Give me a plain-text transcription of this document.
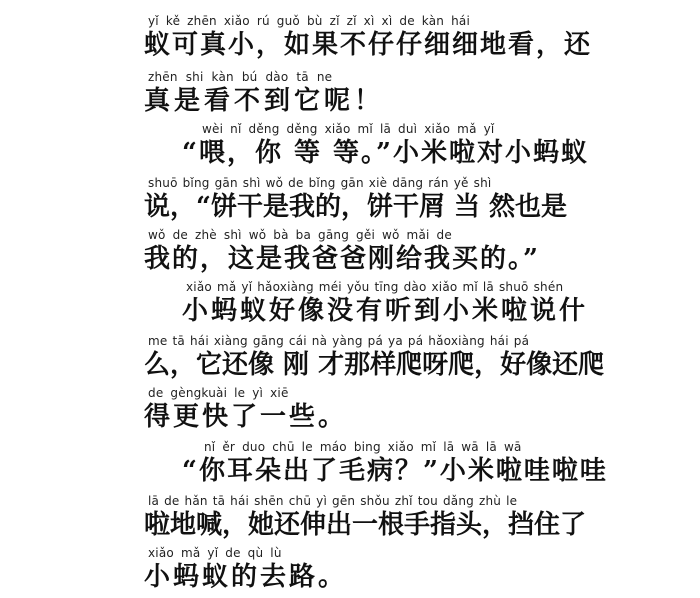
yǐ kě zhēn xiǎo rú guǒ bù zǐ zǐ xì xì de kàn hái
蚁可真小，如果不仔仔细细地看，还
zhēn shi kàn bú dào tā ne
真是看不到它呢！
wèi nǐ děng děng xiǎo mǐ lā duì xiǎo mǎ yǐ
“喂，你 等 等。”小米啦对小蚂蚁
shuō bǐng gān shì wǒ de bǐng gān xiè dāng rán yě shì
说，“饼干是我的，饼干屑 当 然也是
wǒ de zhè shì wǒ bà ba gāng gěi wǒ mǎi de
我的，这是我爸爸刚给我买的。”
xiǎo mǎ yǐ hǎoxiàng méi yǒu tīng dào xiǎo mǐ lā shuō shén
小蚂蚁好像没有听到小米啦说什
me tā hái xiàng gāng cái nà yàng pá ya pá hǎoxiàng hái pá
么，它还像 刚 才那样爬呀爬，好像还爬
de gèngkuài le yì xiē
得更快了一些。
nǐ ěr duo chū le máo bing xiǎo mǐ lā wā lā wā
“你耳朵出了毛病？”小米啦哇啦哇
lā de hǎn tā hái shēn chū yì gēn shǒu zhǐ tou dǎng zhù le
啦地喊，她还伸出一根手指头，挡住了
xiǎo mǎ yǐ de qù lù
小蚂蚁的去路。
